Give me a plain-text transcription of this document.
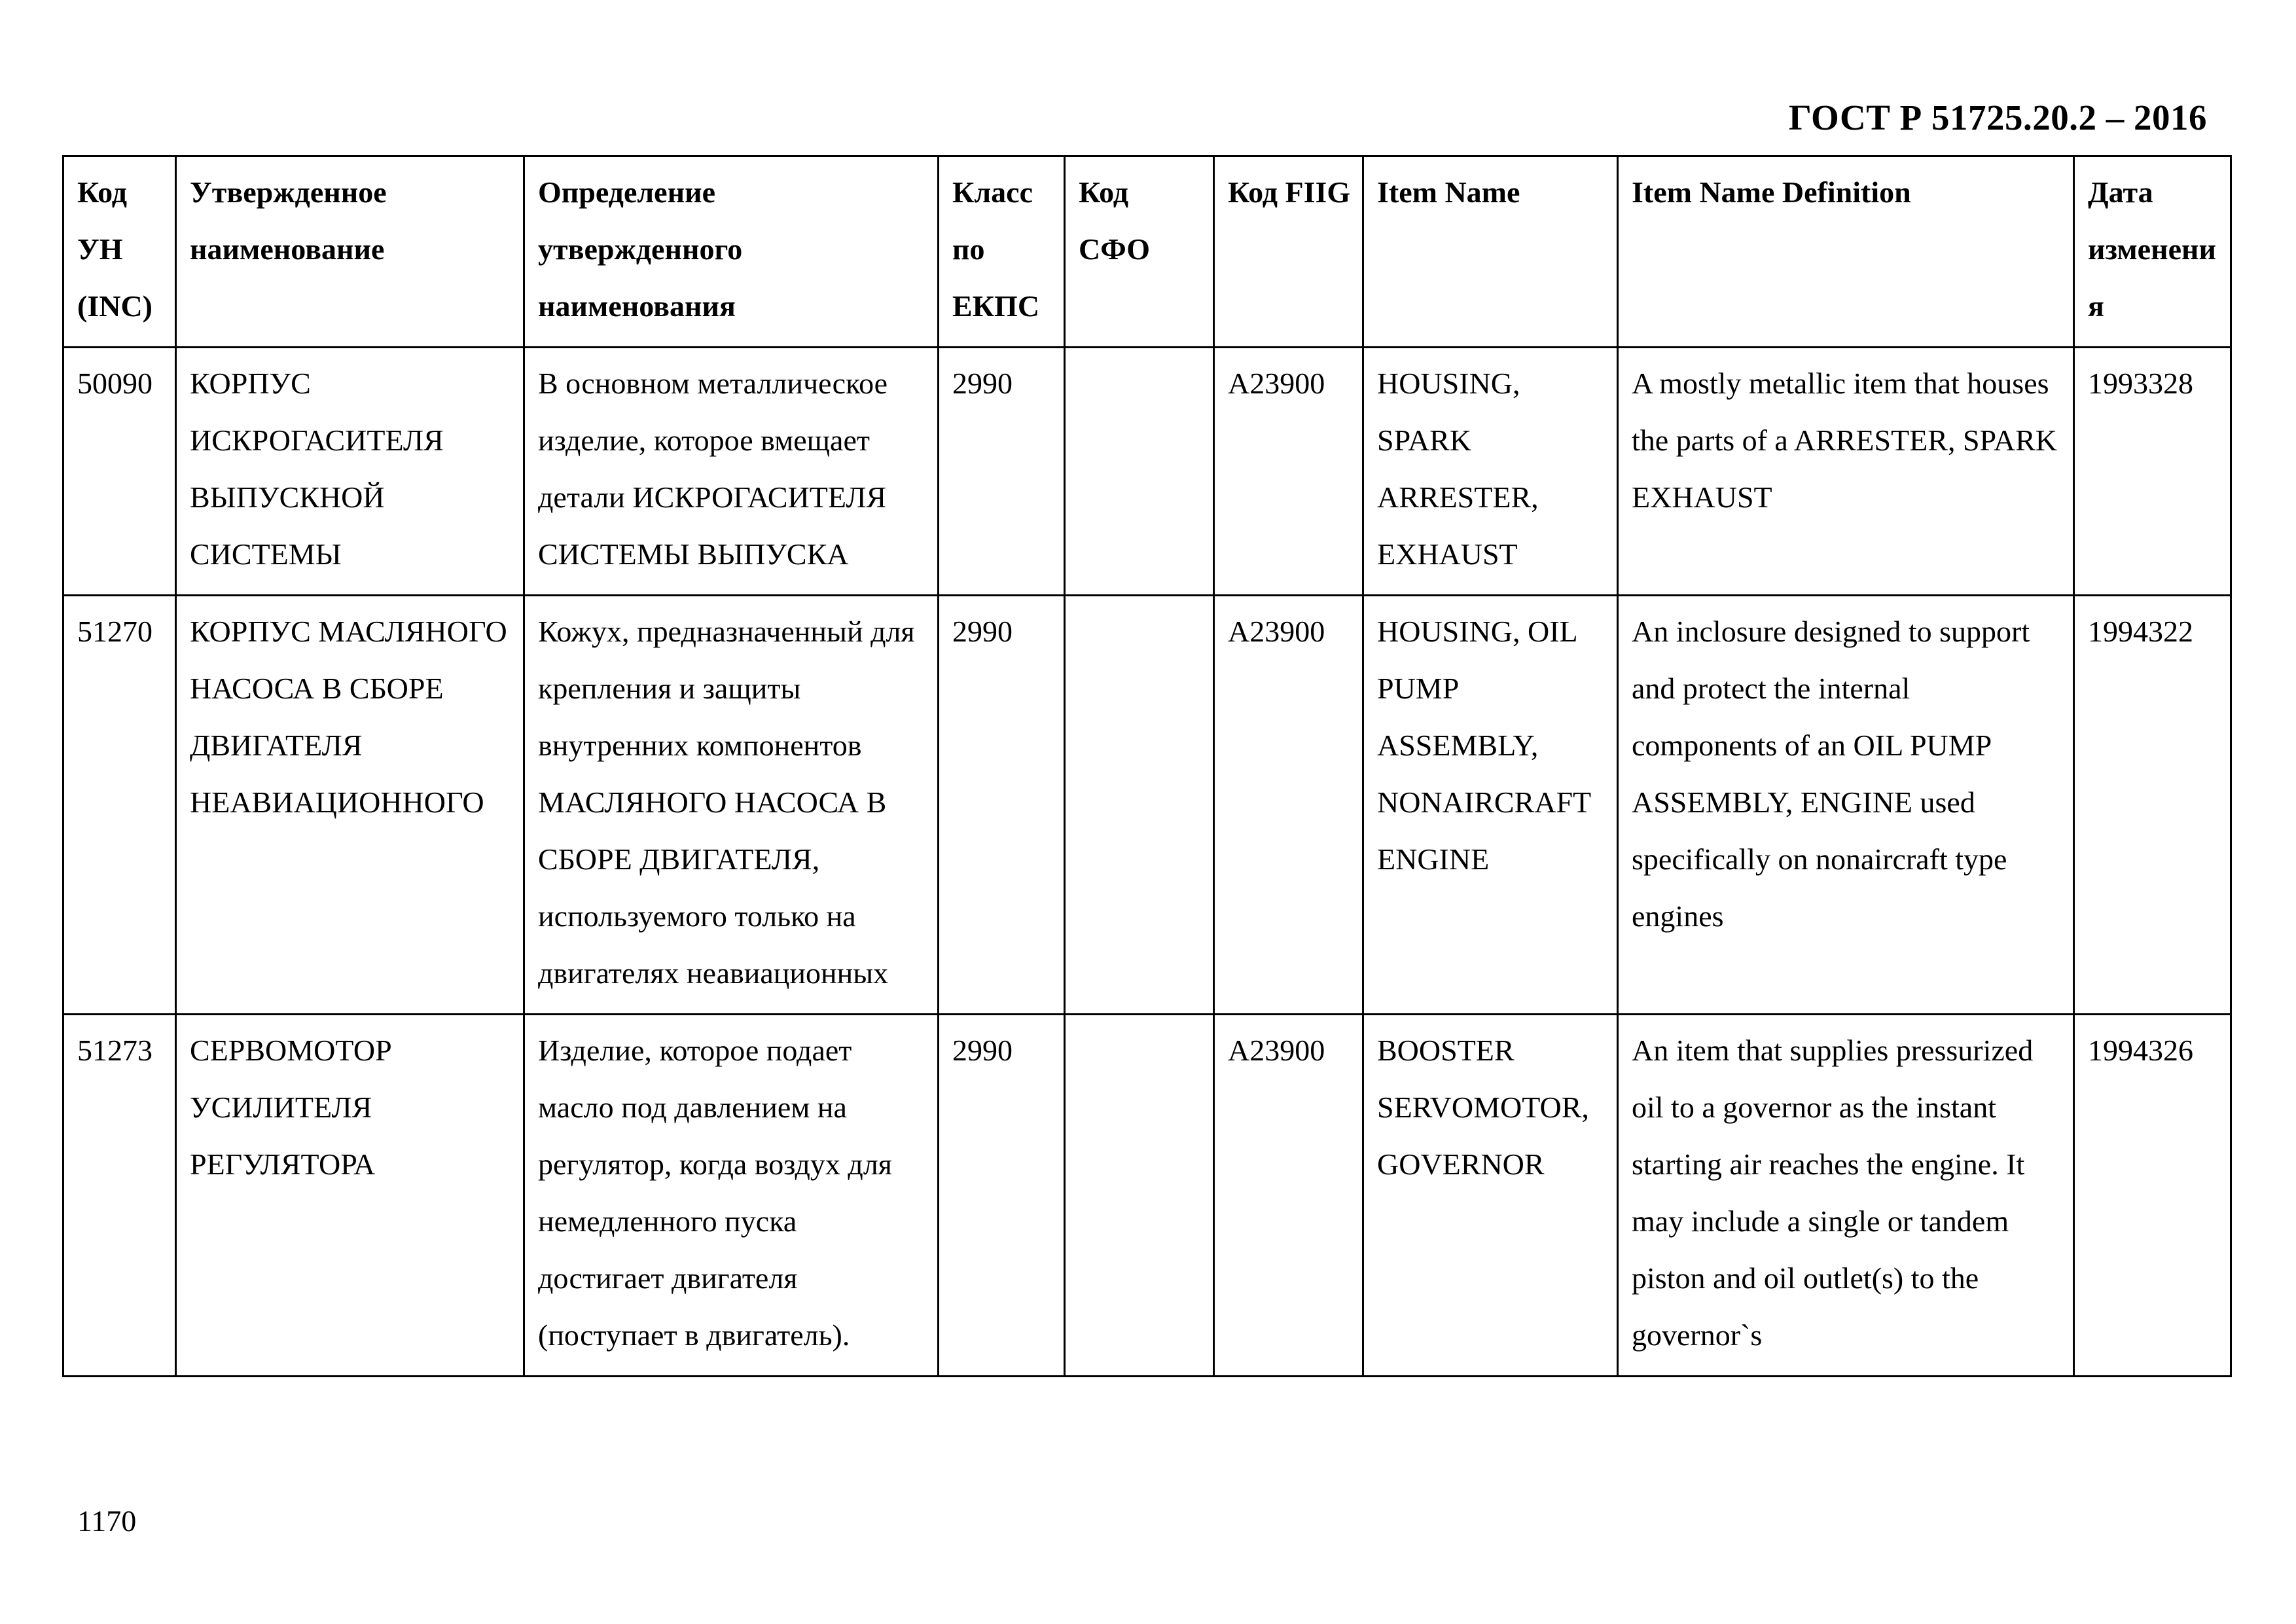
ГОСТ Р 51725.20.2 – 2016
Код УН (INC)	Утвержденное наименование	Определение утвержденного наименования	Класс по ЕКПС	Код СФО	Код FIIG	Item Name	Item Name Definition	Дата изменения
50090	КОРПУС ИСКРОГАСИТЕЛЯ ВЫПУСКНОЙ СИСТЕМЫ	В основном металлическое изделие, которое вмещает детали ИСКРОГАСИТЕЛЯ СИСТЕМЫ ВЫПУСКА	2990		A23900	HOUSING, SPARK ARRESTER, EXHAUST	A mostly metallic item that houses the parts of a ARRESTER, SPARK EXHAUST	1993328
51270	КОРПУС МАСЛЯНОГО НАСОСА В СБОРЕ ДВИГАТЕЛЯ НЕАВИАЦИОННОГО	Кожух, предназначенный для крепления и защиты внутренних компонентов МАСЛЯНОГО НАСОСА В СБОРЕ ДВИГАТЕЛЯ, используемого только на двигателях неавиационных	2990		A23900	HOUSING, OIL PUMP ASSEMBLY, NONAIRCRAFT ENGINE	An inclosure designed to support and protect the internal components of an OIL PUMP ASSEMBLY, ENGINE used specifically on nonaircraft type engines	1994322
51273	СЕРВОМОТОР УСИЛИТЕЛЯ РЕГУЛЯТОРА	Изделие, которое подает масло под давлением на регулятор, когда воздух для немедленного пуска достигает двигателя (поступает в двигатель).	2990		A23900	BOOSTER SERVOMOTOR, GOVERNOR	An item that supplies pressurized oil to a governor as the instant starting air reaches the engine. It may include a single or tandem piston and oil outlet(s) to the governor`s	1994326
1170
